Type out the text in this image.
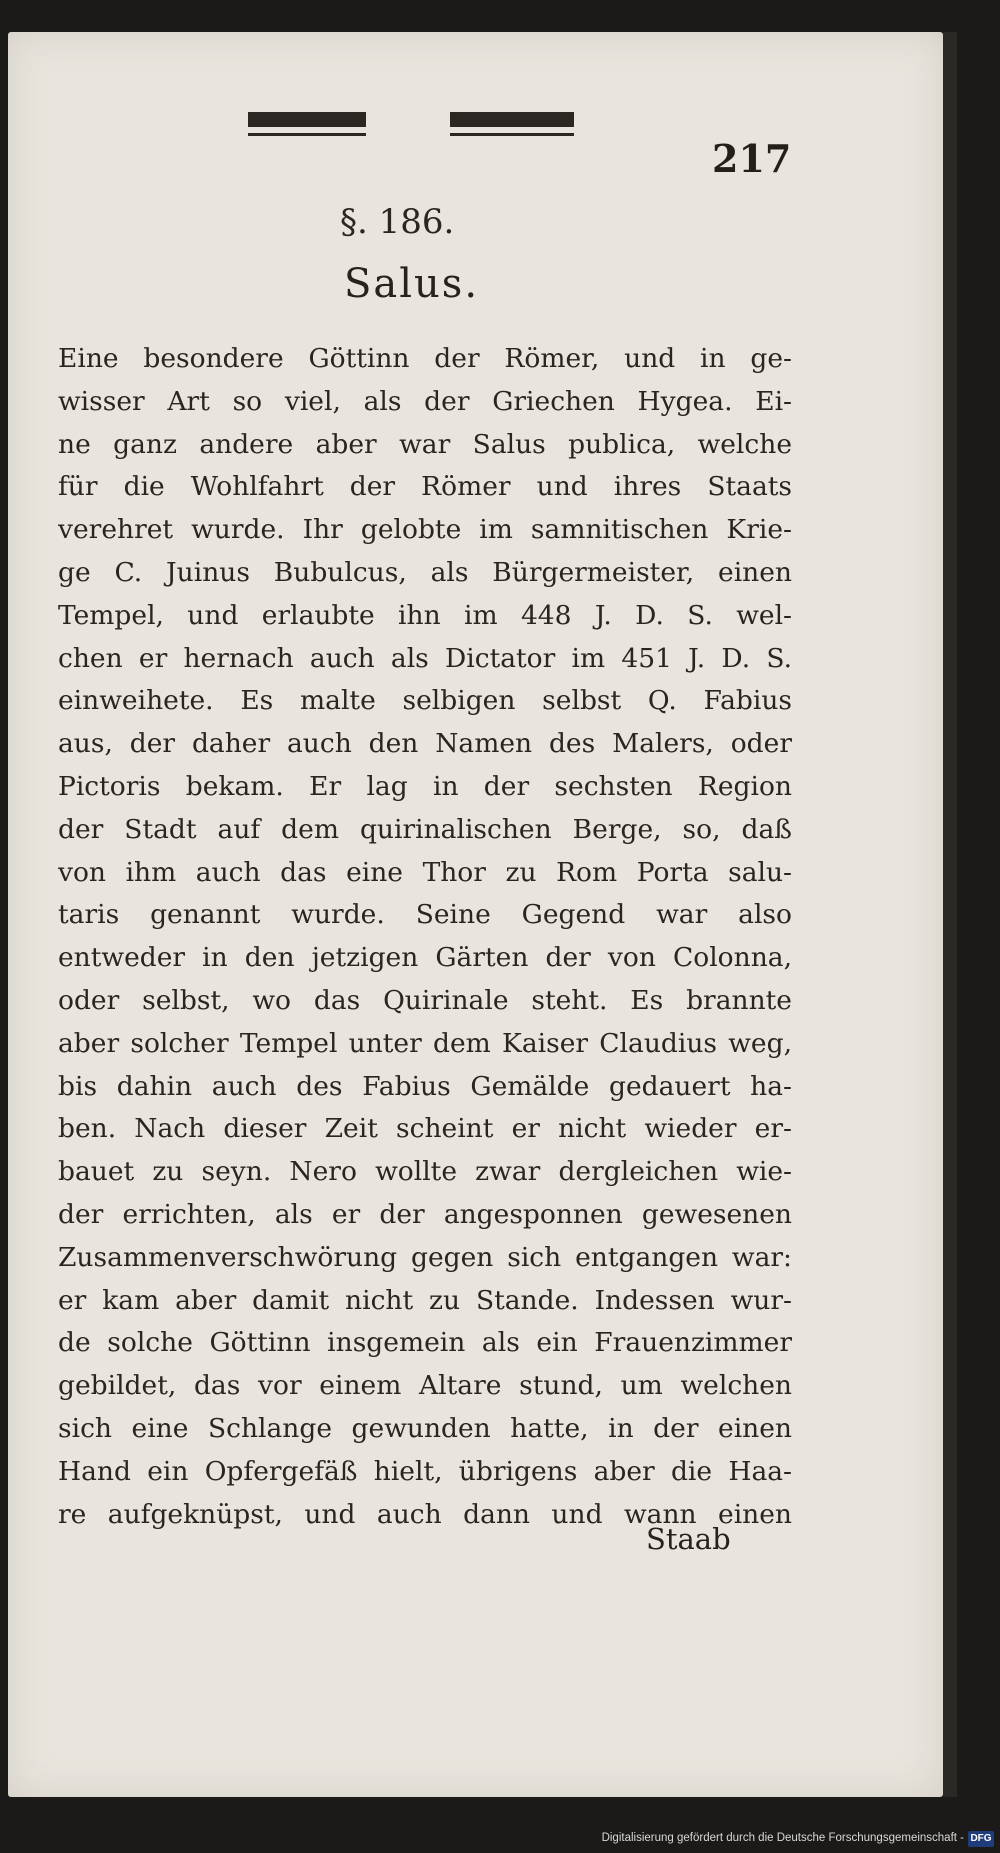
217
§. 186.
Salus.
Eine besondere Göttinn der Römer, und in ge-
wisser Art so viel, als der Griechen Hygea. Ei-
ne ganz andere aber war Salus publica, welche
für die Wohlfahrt der Römer und ihres Staats
verehret wurde. Ihr gelobte im samnitischen Krie-
ge C. Juinus Bubulcus, als Bürgermeister, einen
Tempel, und erlaubte ihn im 448 J. D. S. wel-
chen er hernach auch als Dictator im 451 J. D. S.
einweihete. Es malte selbigen selbst Q. Fabius
aus, der daher auch den Namen des Malers, oder
Pictoris bekam. Er lag in der sechsten Region
der Stadt auf dem quirinalischen Berge, so, daß
von ihm auch das eine Thor zu Rom Porta salu-
taris genannt wurde. Seine Gegend war also
entweder in den jetzigen Gärten der von Colonna,
oder selbst, wo das Quirinale steht. Es brannte
aber solcher Tempel unter dem Kaiser Claudius weg,
bis dahin auch des Fabius Gemälde gedauert ha-
ben. Nach dieser Zeit scheint er nicht wieder er-
bauet zu seyn. Nero wollte zwar dergleichen wie-
der errichten, als er der angesponnen gewesenen
Zusammenverschwörung gegen sich entgangen war:
er kam aber damit nicht zu Stande. Indessen wur-
de solche Göttinn insgemein als ein Frauenzimmer
gebildet, das vor einem Altare stund, um welchen
sich eine Schlange gewunden hatte, in der einen
Hand ein Opfergefäß hielt, übrigens aber die Haa-
re aufgeknüpst, und auch dann und wann einen
Staab
Digitalisierung gefördert durch die Deutsche Forschungsgemeinschaft - DFG
